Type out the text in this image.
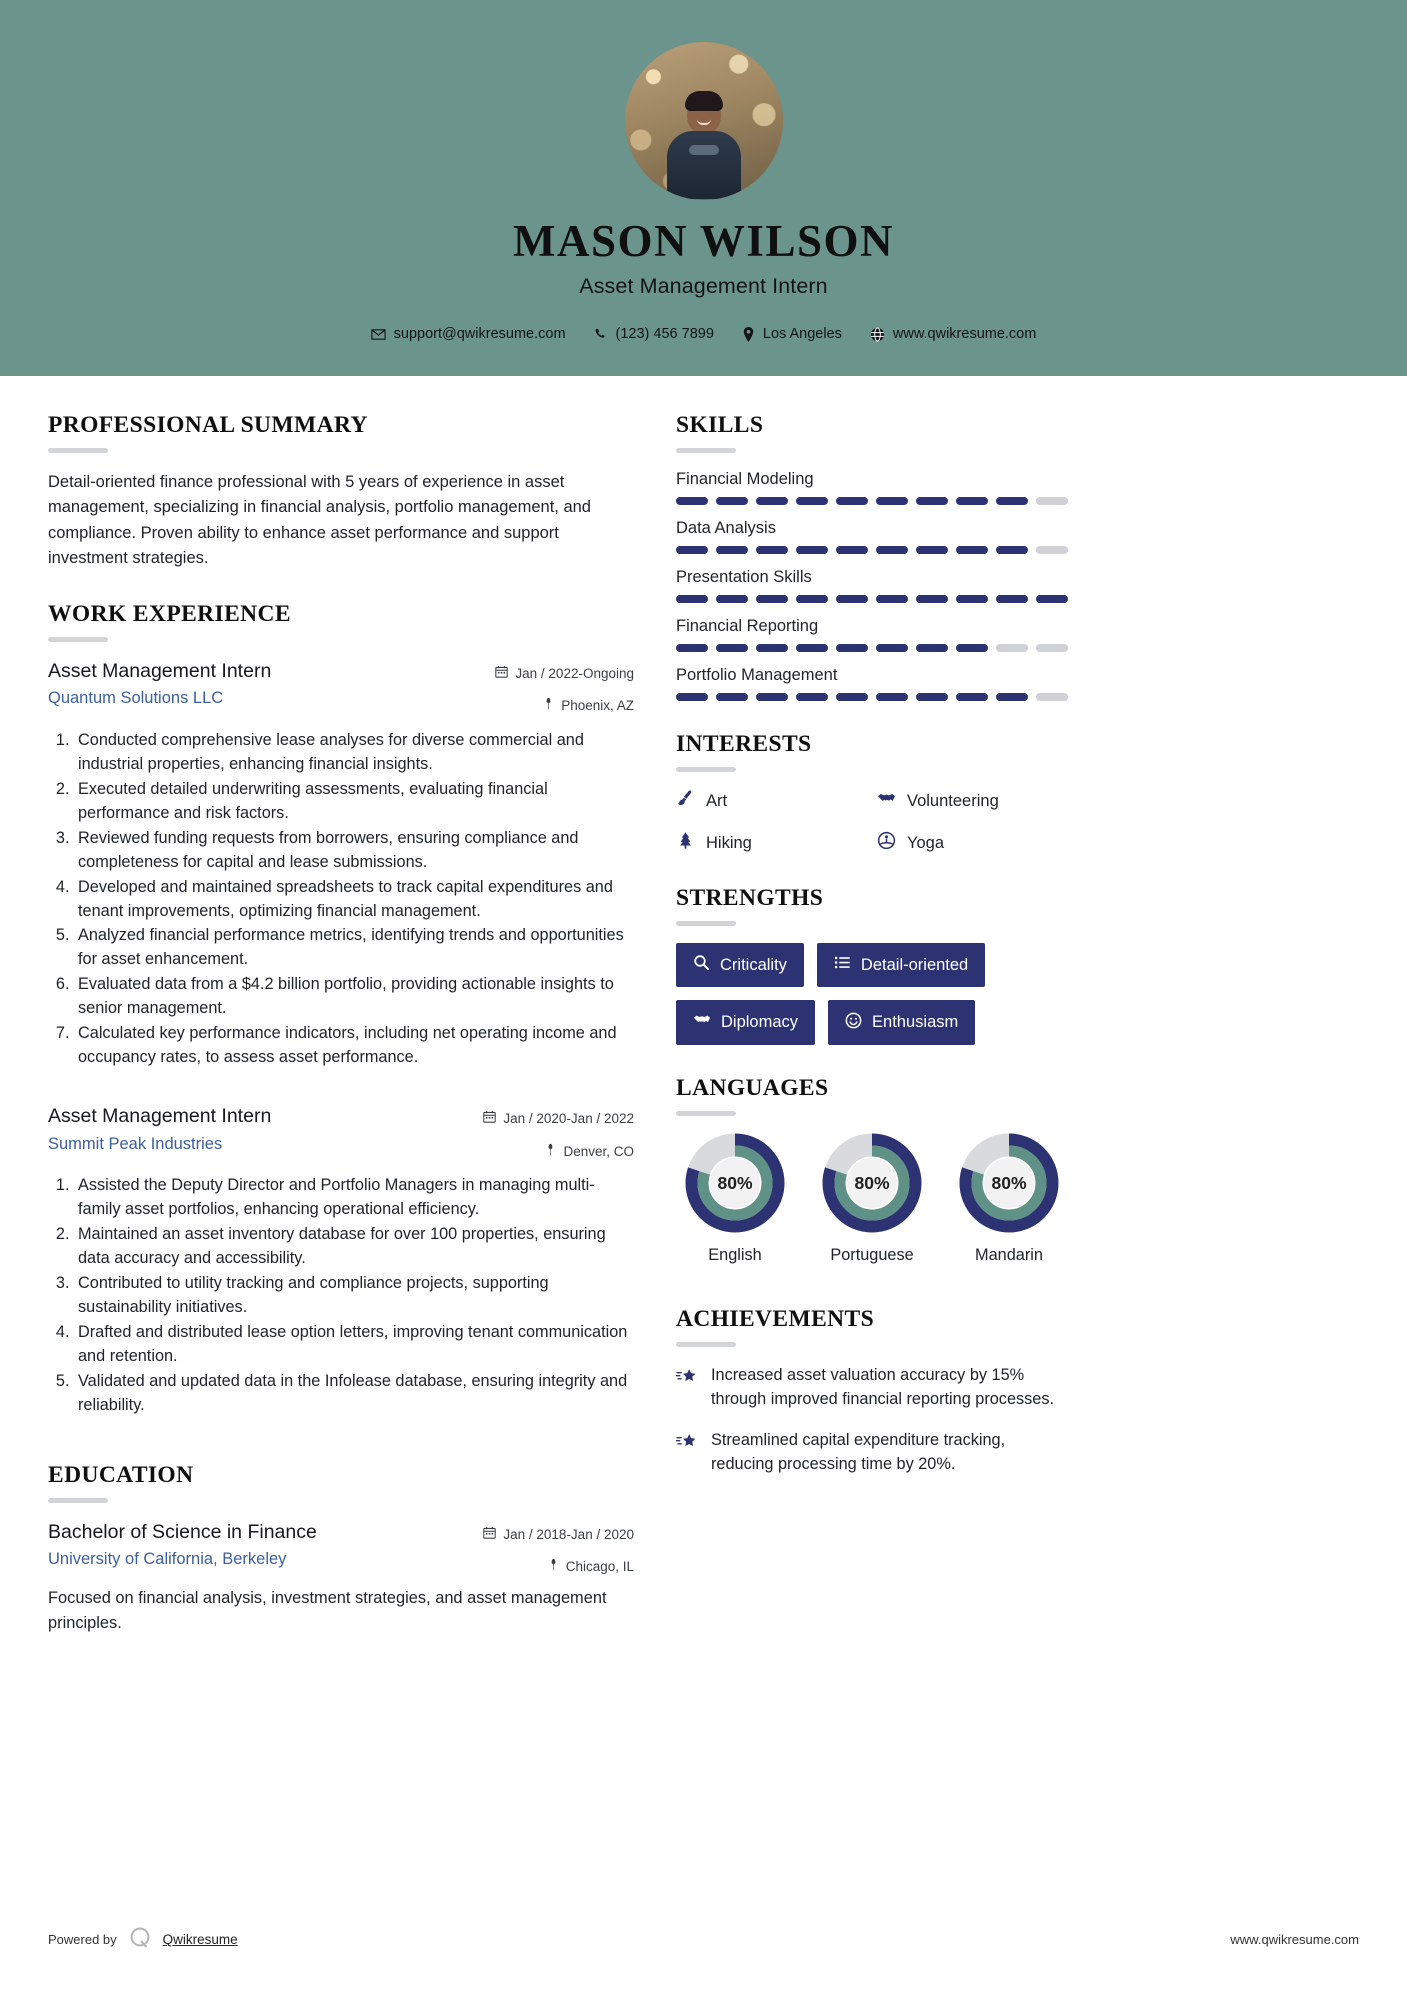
MASON WILSON
Asset Management Intern
support@qwikresume.com	(123) 456 7899	Los Angeles	www.qwikresume.com
PROFESSIONAL SUMMARY
Detail-oriented finance professional with 5 years of experience in asset management, specializing in financial analysis, portfolio management, and compliance. Proven ability to enhance asset performance and support investment strategies.
WORK EXPERIENCE
Asset Management Intern
Quantum Solutions LLC
Jan / 2022-Ongoing
Phoenix, AZ
1. Conducted comprehensive lease analyses for diverse commercial and industrial properties, enhancing financial insights.
2. Executed detailed underwriting assessments, evaluating financial performance and risk factors.
3. Reviewed funding requests from borrowers, ensuring compliance and completeness for capital and lease submissions.
4. Developed and maintained spreadsheets to track capital expenditures and tenant improvements, optimizing financial management.
5. Analyzed financial performance metrics, identifying trends and opportunities for asset enhancement.
6. Evaluated data from a $4.2 billion portfolio, providing actionable insights to senior management.
7. Calculated key performance indicators, including net operating income and occupancy rates, to assess asset performance.
Asset Management Intern
Summit Peak Industries
Jan / 2020-Jan / 2022
Denver, CO
1. Assisted the Deputy Director and Portfolio Managers in managing multi-family asset portfolios, enhancing operational efficiency.
2. Maintained an asset inventory database for over 100 properties, ensuring data accuracy and accessibility.
3. Contributed to utility tracking and compliance projects, supporting sustainability initiatives.
4. Drafted and distributed lease option letters, improving tenant communication and retention.
5. Validated and updated data in the Infolease database, ensuring integrity and reliability.
EDUCATION
Bachelor of Science in Finance
University of California, Berkeley
Jan / 2018-Jan / 2020
Chicago, IL
Focused on financial analysis, investment strategies, and asset management principles.
SKILLS
Financial Modeling
Data Analysis
Presentation Skills
Financial Reporting
Portfolio Management
INTERESTS
Art	Volunteering
Hiking	Yoga
STRENGTHS
Criticality	Detail-oriented
Diplomacy	Enthusiasm
LANGUAGES
80%
English
80%
Portuguese
80%
Mandarin
ACHIEVEMENTS
Increased asset valuation accuracy by 15% through improved financial reporting processes.
Streamlined capital expenditure tracking, reducing processing time by 20%.
Powered by	Qwikresume	www.qwikresume.com
